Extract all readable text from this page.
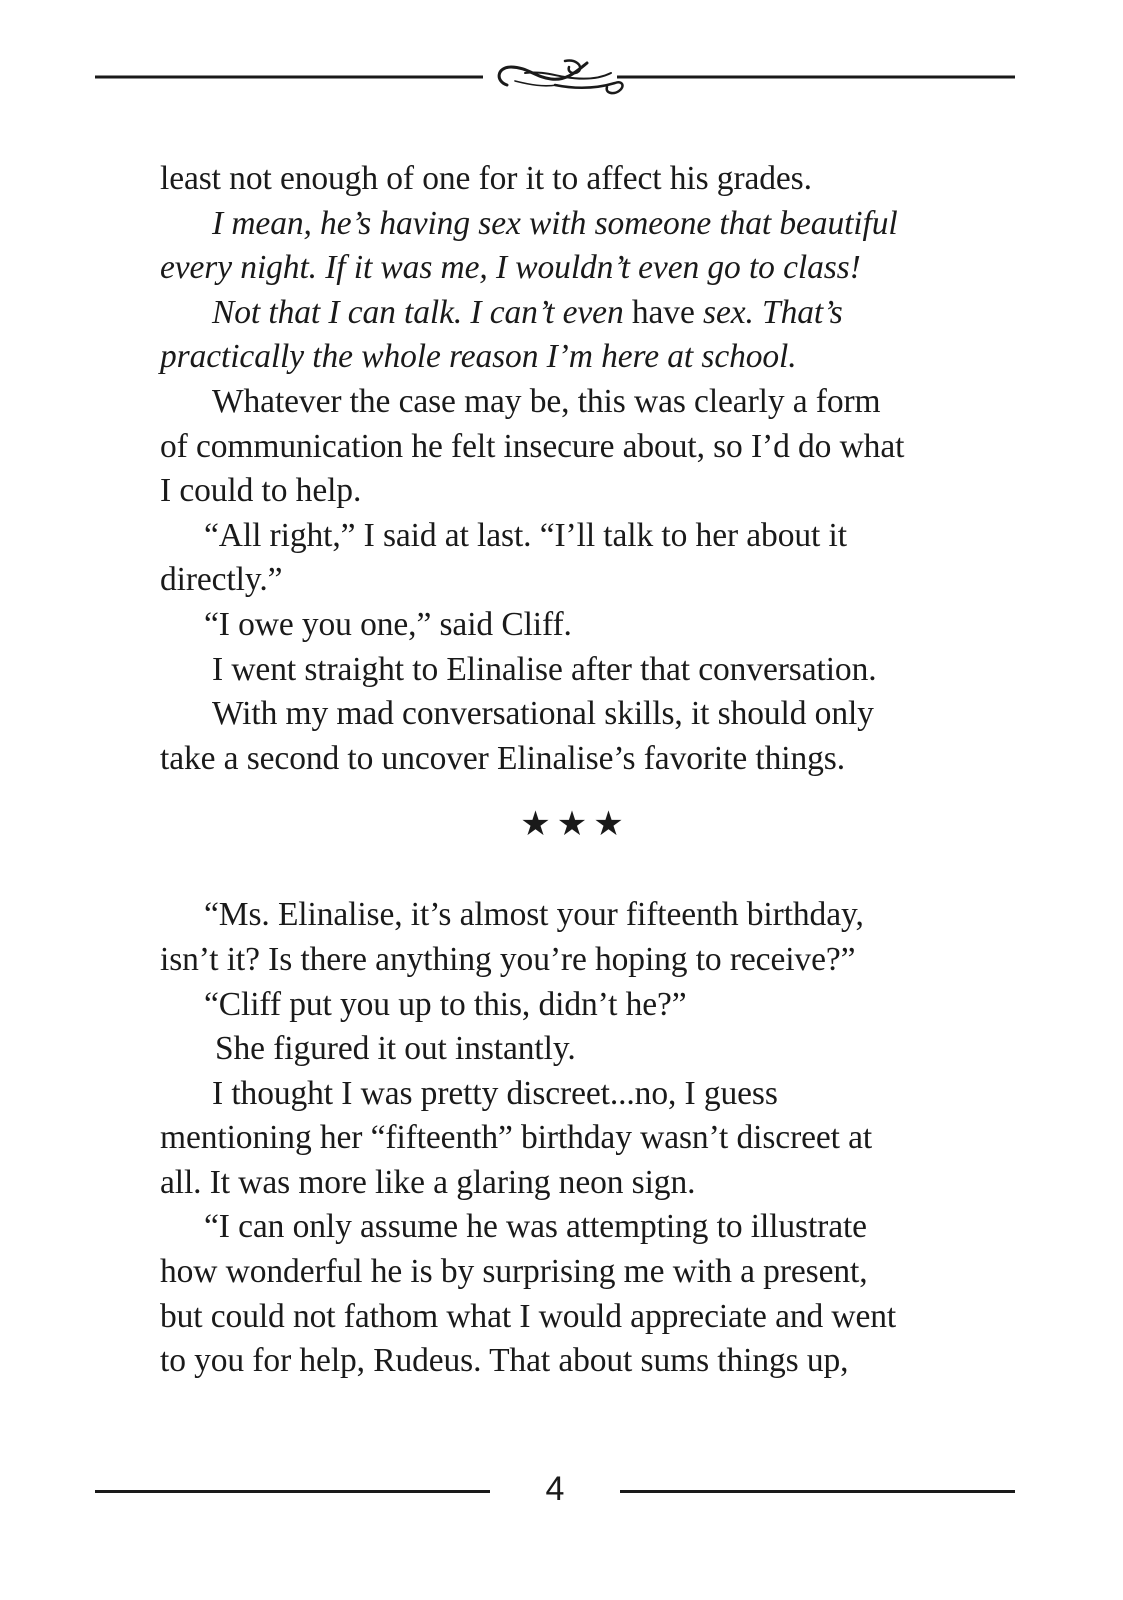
least not enough of one for it to affect his grades.

I mean, he’s having sex with someone that beautiful

every night. If it was me, I wouldn’t even go to class!

Not that I can talk. I can’t even have sex. That’s

practically the whole reason I’m here at school.

Whatever the case may be, this was clearly a form

of communication he felt insecure about, so I’d do what

I could to help.

“All right,” I said at last. “I’ll talk to her about it

directly.”

“I owe you one,” said Cliff.

I went straight to Elinalise after that conversation.

With my mad conversational skills, it should only

take a second to uncover Elinalise’s favorite things.

★★★

“Ms. Elinalise, it’s almost your fifteenth birthday,

isn’t it? Is there anything you’re hoping to receive?”

“Cliff put you up to this, didn’t he?”

She figured it out instantly.

I thought I was pretty discreet...no, I guess

mentioning her “fifteenth” birthday wasn’t discreet at

all. It was more like a glaring neon sign.

“I can only assume he was attempting to illustrate

how wonderful he is by surprising me with a present,

but could not fathom what I would appreciate and went

to you for help, Rudeus. That about sums things up,

4
